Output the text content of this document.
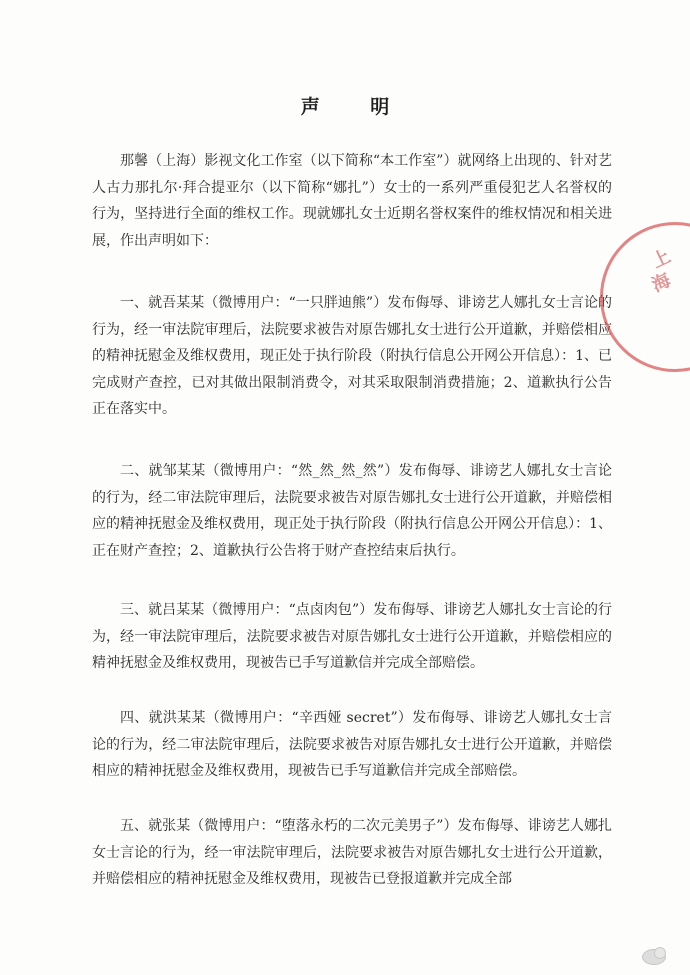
声 明
那馨（上海）影视文化工作室（以下简称“本工作室”）就网络上出现的、针对艺人古力那扎尔·拜合提亚尔（以下简称“娜扎”）女士的一系列严重侵犯艺人名誉权的行为，坚持进行全面的维权工作。现就娜扎女士近期名誉权案件的维权情况和相关进展，作出声明如下：
一、就吾某某（微博用户：“一只胖迪熊”）发布侮辱、诽谤艺人娜扎女士言论的行为，经一审法院审理后，法院要求被告对原告娜扎女士进行公开道歉，并赔偿相应的精神抚慰金及维权费用，现正处于执行阶段（附执行信息公开网公开信息）：1、已完成财产查控，已对其做出限制消费令，对其采取限制消费措施；2、道歉执行公告正在落实中。
二、就邹某某（微博用户：“然_然_然_然”）发布侮辱、诽谤艺人娜扎女士言论的行为，经二审法院审理后，法院要求被告对原告娜扎女士进行公开道歉，并赔偿相应的精神抚慰金及维权费用，现正处于执行阶段（附执行信息公开网公开信息）：1、正在财产查控；2、道歉执行公告将于财产查控结束后执行。
三、就吕某某（微博用户：“点卤肉包”）发布侮辱、诽谤艺人娜扎女士言论的行为，经一审法院审理后，法院要求被告对原告娜扎女士进行公开道歉，并赔偿相应的精神抚慰金及维权费用，现被告已手写道歉信并完成全部赔偿。
四、就洪某某（微博用户：“辛西娅 secret”）发布侮辱、诽谤艺人娜扎女士言论的行为，经二审法院审理后，法院要求被告对原告娜扎女士进行公开道歉，并赔偿相应的精神抚慰金及维权费用，现被告已手写道歉信并完成全部赔偿。
五、就张某（微博用户：“堕落永朽的二次元美男子”）发布侮辱、诽谤艺人娜扎女士言论的行为，经一审法院审理后，法院要求被告对原告娜扎女士进行公开道歉，并赔偿相应的精神抚慰金及维权费用，现被告已登报道歉并完成全部
上
海
